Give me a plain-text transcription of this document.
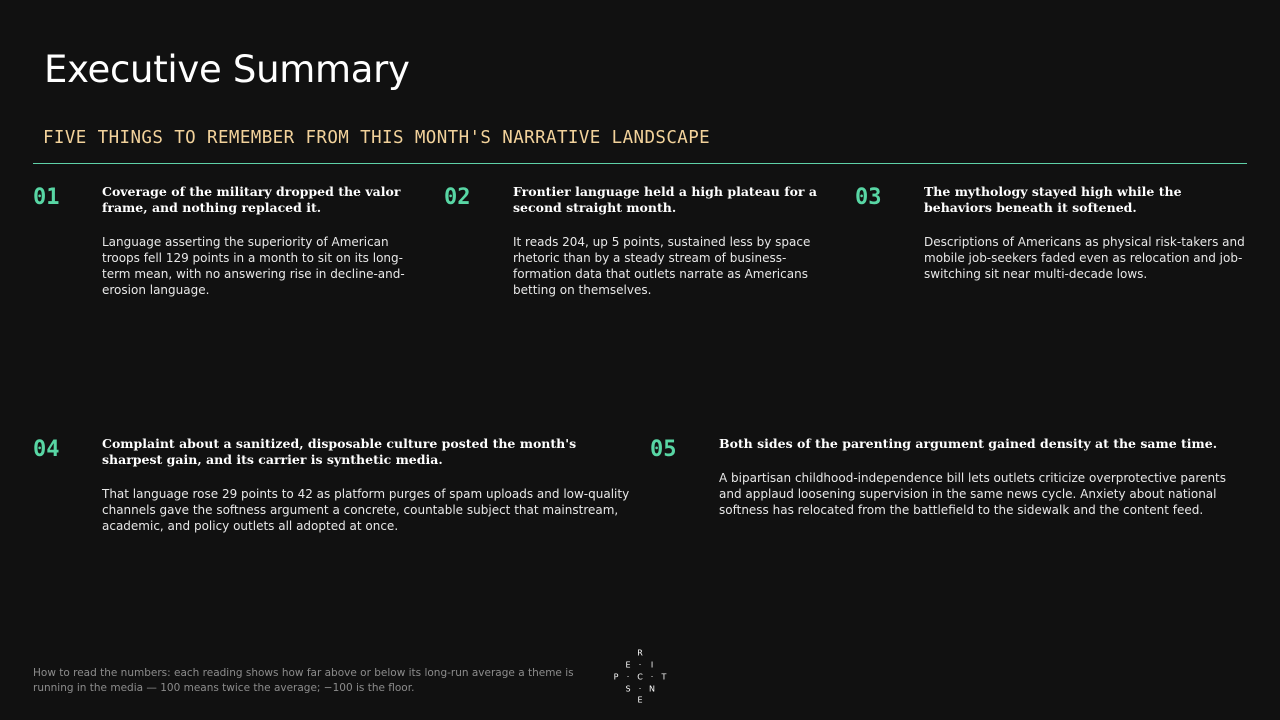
Executive Summary
FIVE THINGS TO REMEMBER FROM THIS MONTH'S NARRATIVE LANDSCAPE
01	Coverage of the military dropped the valor frame, and nothing replaced it.
Language asserting the superiority of American troops fell 129 points in a month to sit on its long-term mean, with no answering rise in decline-and-erosion language.
02	Frontier language held a high plateau for a second straight month.
It reads 204, up 5 points, sustained less by space rhetoric than by a steady stream of business-formation data that outlets narrate as Americans betting on themselves.
03	The mythology stayed high while the behaviors beneath it softened.
Descriptions of Americans as physical risk-takers and mobile job-seekers faded even as relocation and job-switching sit near multi-decade lows.
04	Complaint about a sanitized, disposable culture posted the month's sharpest gain, and its carrier is synthetic media.
That language rose 29 points to 42 as platform purges of spam uploads and low-quality channels gave the softness argument a concrete, countable subject that mainstream, academic, and policy outlets all adopted at once.
05	Both sides of the parenting argument gained density at the same time.
A bipartisan childhood-independence bill lets outlets criticize overprotective parents and applaud loosening supervision in the same news cycle. Anxiety about national softness has relocated from the battlefield to the sidewalk and the content feed.
How to read the numbers: each reading shows how far above or below its long-run average a theme is running in the media — 100 means twice the average; −100 is the floor.
R
E · I
P · C · T
S · N
E
